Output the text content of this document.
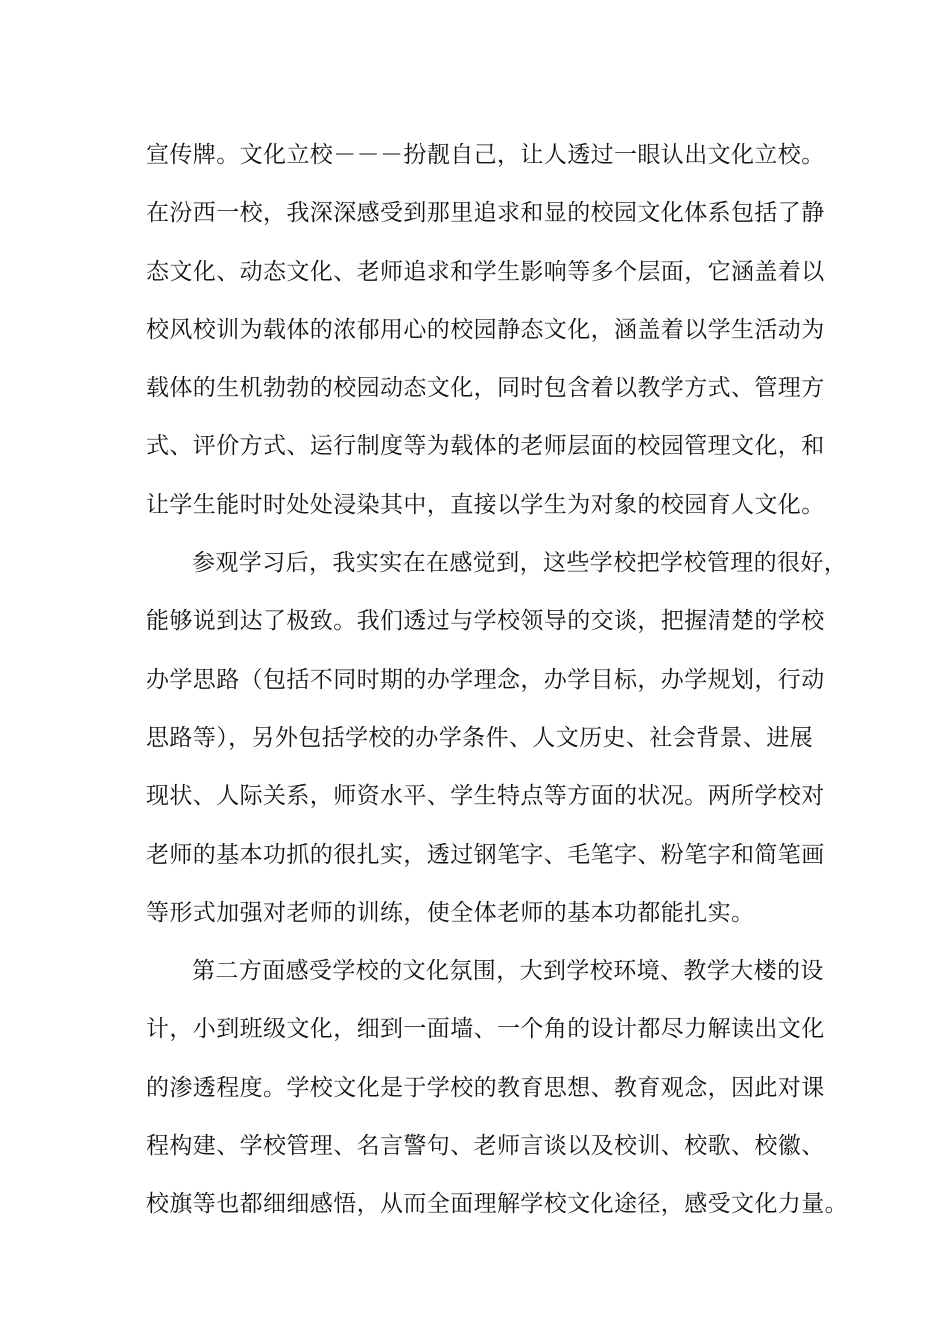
宣传牌。文化立校－－－扮靓自己，让人透过一眼认出文化立校。
在汾西一校，我深深感受到那里追求和显的校园文化体系包括了静
态文化、动态文化、老师追求和学生影响等多个层面，它涵盖着以
校风校训为载体的浓郁用心的校园静态文化，涵盖着以学生活动为
载体的生机勃勃的校园动态文化，同时包含着以教学方式、管理方
式、评价方式、运行制度等为载体的老师层面的校园管理文化，和
让学生能时时处处浸染其中，直接以学生为对象的校园育人文化。
参观学习后，我实实在在感觉到，这些学校把学校管理的很好，
能够说到达了极致。我们透过与学校领导的交谈，把握清楚的学校
办学思路（包括不同时期的办学理念，办学目标，办学规划，行动
思路等），另外包括学校的办学条件、人文历史、社会背景、进展
现状、人际关系，师资水平、学生特点等方面的状况。两所学校对
老师的基本功抓的很扎实，透过钢笔字、毛笔字、粉笔字和简笔画
等形式加强对老师的训练，使全体老师的基本功都能扎实。
第二方面感受学校的文化氛围，大到学校环境、教学大楼的设
计，小到班级文化，细到一面墙、一个角的设计都尽力解读出文化
的渗透程度。学校文化是于学校的教育思想、教育观念，因此对课
程构建、学校管理、名言警句、老师言谈以及校训、校歌、校徽、
校旗等也都细细感悟，从而全面理解学校文化途径，感受文化力量。
